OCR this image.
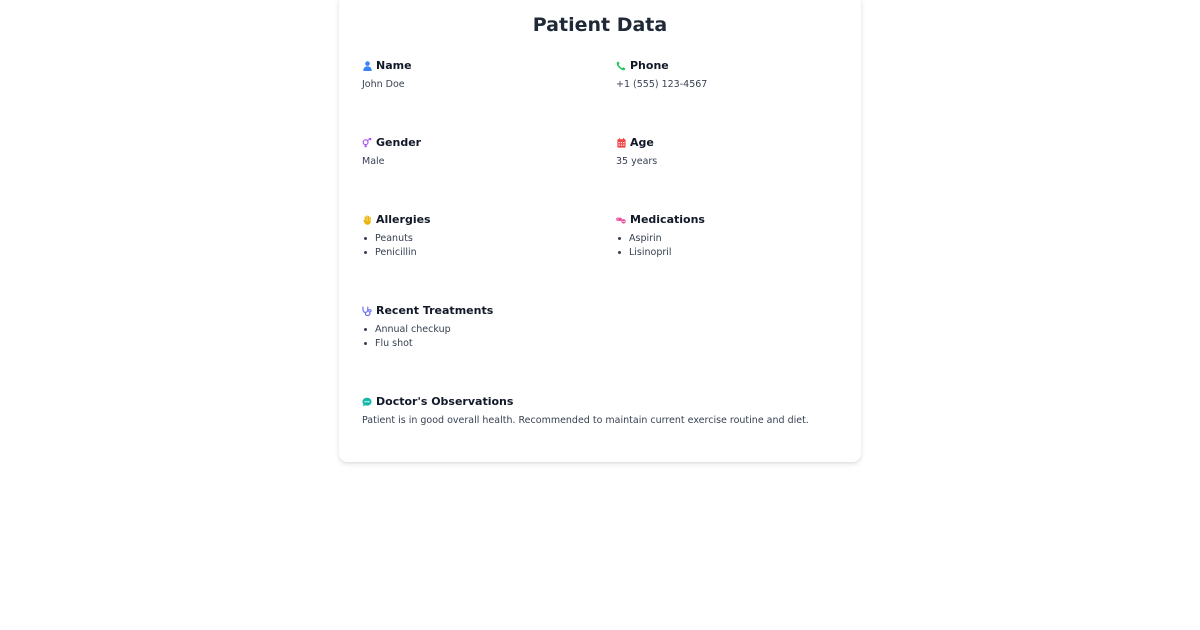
Patient Data
Name
John Doe
Phone
+1 (555) 123-4567
Gender
Male
Age
35 years
Allergies
Peanuts
Penicillin
Medications
Aspirin
Lisinopril
Recent Treatments
Annual checkup
Flu shot
Doctor's Observations
Patient is in good overall health. Recommended to maintain current exercise routine and diet.
